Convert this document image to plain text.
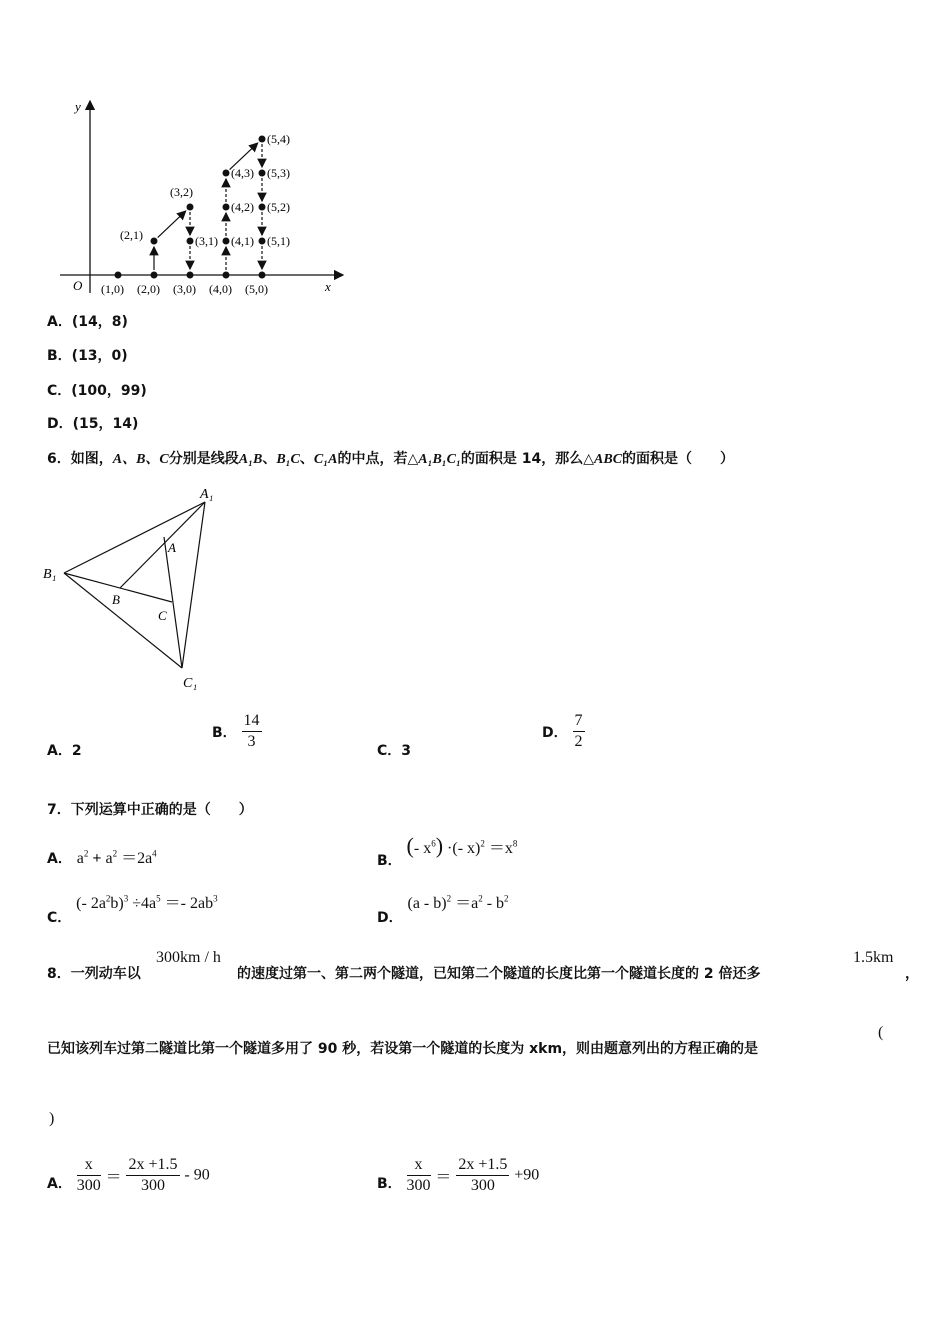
y
x
O (1,0) (2,0) (3,0) (4,0) (5,0)
(2,1)
(3,2)
(3,1)
(4,3)
(4,2)
(4,1)
(5,4)
(5,3)
(5,2)
(5,1)
A．(14，8)
B．(13，0)
C．(100，99)
D．(15，14)
6．如图，A、B、C分别是线段A₁B、B₁C、C₁A的中点，若△A₁B₁C₁的面积是 14，那么△ABC的面积是（　　）
A₁
B₁
C₁
A
B
C
A．2
B． $\frac{14}{3}$	C．3
D． $\frac{7}{2}$
7．下列运算中正确的是（　　）
A． $a^2 + a^2 =2a^4$	B． (- $x^6$) ·(- $x)^2 =x^8$
C． (- $2a^2b)^3 \div 4a^5 =- 2ab^3$
D． $(a - b)^2 =a^2 - b^2$
8．一列动车以
300km / h
的速度过第一、第二两个隧道，已知第二个隧道的长度比第一个隧道长度的 2 倍还多
1.5km
，
已知该列车过第二隧道比第一个隧道多用了 90 秒，若设第一个隧道的长度为 xkm，则由题意列出的方程正确的是
(
)
A． $\frac{x}{300} = \frac{2x +1.5}{300} - 90$	B． $\frac{x}{300} = \frac{2x +1.5}{300} +90$
